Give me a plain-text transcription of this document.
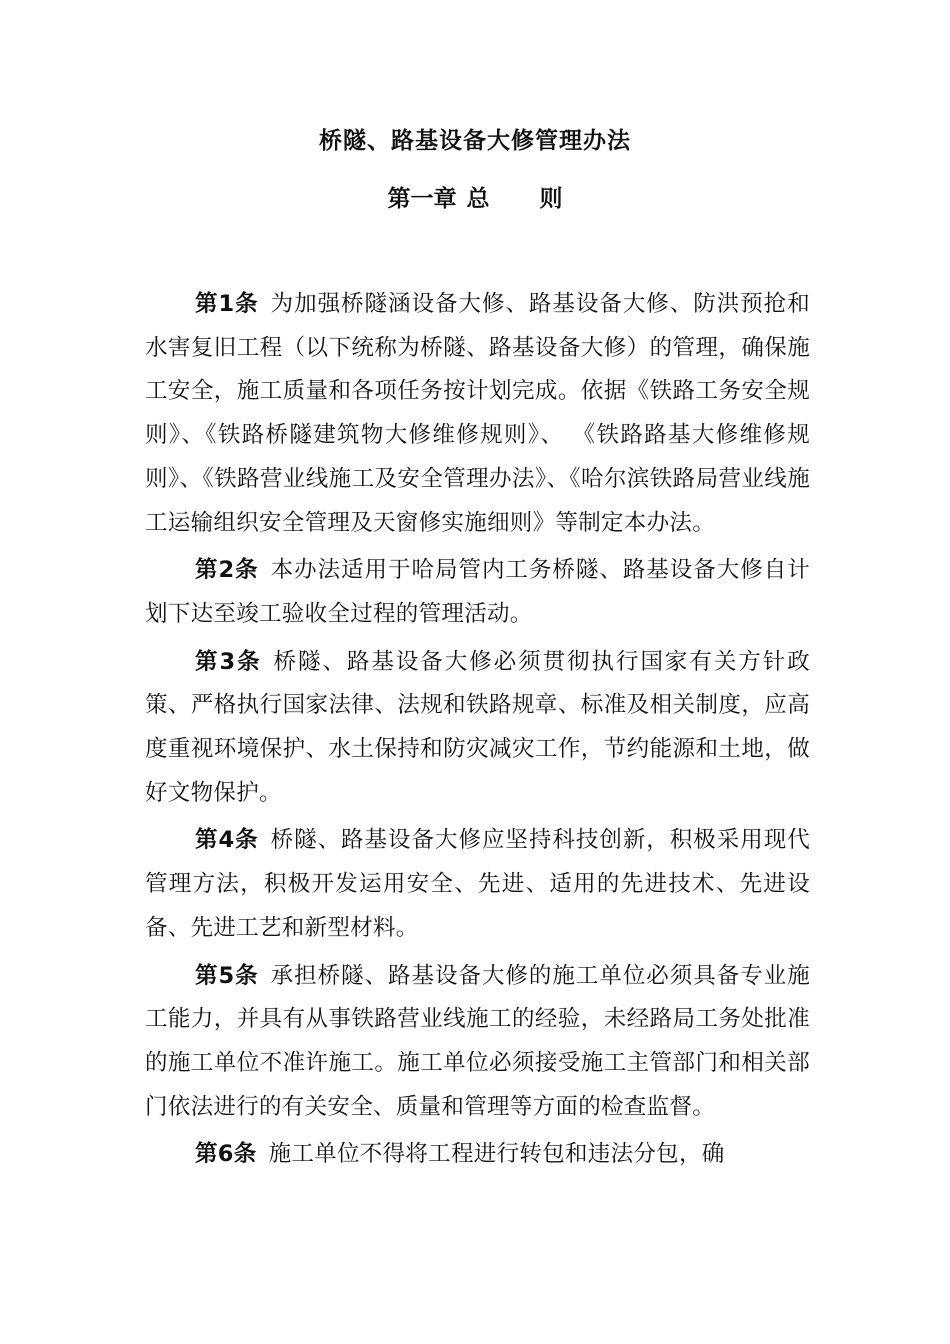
桥隧、路基设备大修管理办法
第一章 总 则

第1条 为加强桥隧涵设备大修、路基设备大修、防洪预抢和水害复旧工程（以下统称为桥隧、路基设备大修）的管理，确保施工安全，施工质量和各项任务按计划完成。依据《铁路工务安全规则》、《铁路桥隧建筑物大修维修规则》、 《铁路路基大修维修规则》、《铁路营业线施工及安全管理办法》、《哈尔滨铁路局营业线施工运输组织安全管理及天窗修实施细则》等制定本办法。

第2条 本办法适用于哈局管内工务桥隧、路基设备大修自计划下达至竣工验收全过程的管理活动。

第3条 桥隧、路基设备大修必须贯彻执行国家有关方针政策、严格执行国家法律、法规和铁路规章、标准及相关制度，应高度重视环境保护、水土保持和防灾减灾工作，节约能源和土地，做好文物保护。

第4条 桥隧、路基设备大修应坚持科技创新，积极采用现代管理方法，积极开发运用安全、先进、适用的先进技术、先进设备、先进工艺和新型材料。

第5条 承担桥隧、路基设备大修的施工单位必须具备专业施工能力，并具有从事铁路营业线施工的经验，未经路局工务处批准的施工单位不准许施工。施工单位必须接受施工主管部门和相关部门依法进行的有关安全、质量和管理等方面的检查监督。

第6条 施工单位不得将工程进行转包和违法分包，确
